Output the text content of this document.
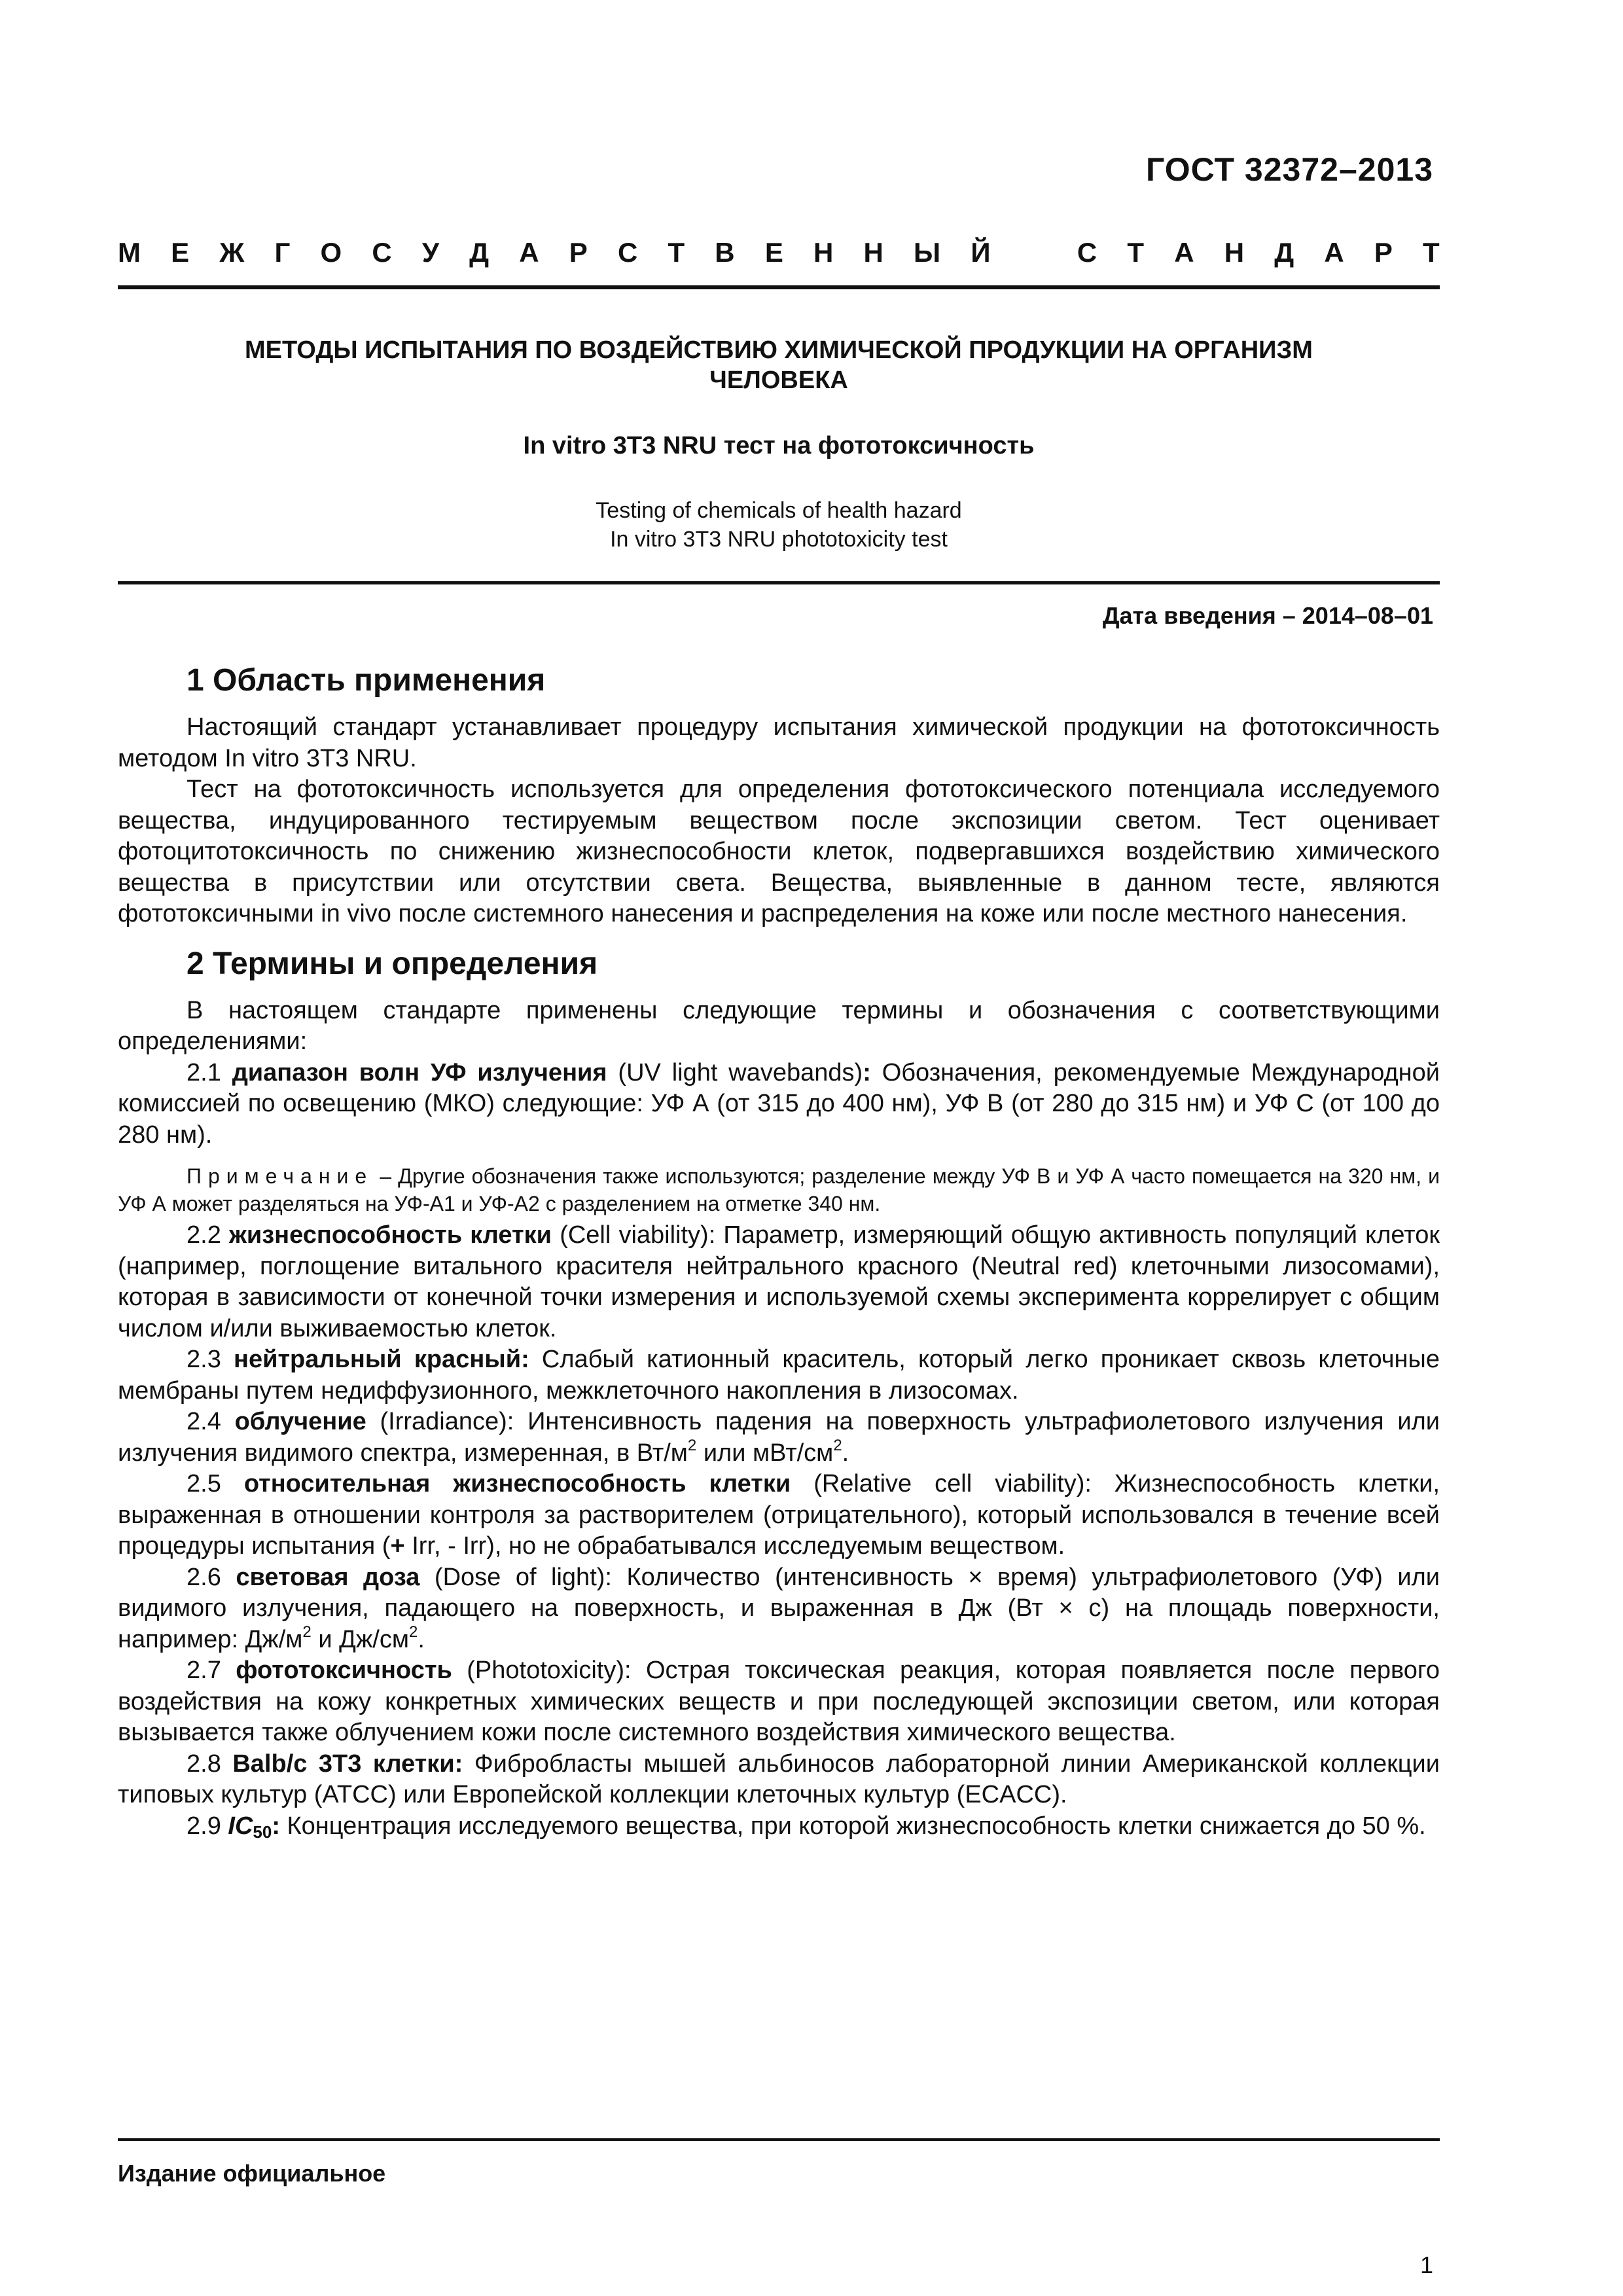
ГОСТ 32372–2013
М Е Ж Г О С У Д А Р С Т В Е Н Н Ы Й	С Т А Н Д А Р Т
МЕТОДЫ ИСПЫТАНИЯ ПО ВОЗДЕЙСТВИЮ ХИМИЧЕСКОЙ ПРОДУКЦИИ НА ОРГАНИЗМ
ЧЕЛОВЕКА
In vitro 3T3 NRU тест на фототоксичность
Testing of chemicals of health hazard
In vitro 3T3 NRU phototoxicity test
Дата введения – 2014–08–01
1 Область применения

Настоящий стандарт устанавливает процедуру испытания химической продукции на фототоксичность методом In vitro 3T3 NRU.

Тест на фототоксичность используется для определения фототоксического потенциала исследуемого вещества, индуцированного тестируемым веществом после экспозиции светом. Тест оценивает фотоцитотоксичность по снижению жизнеспособности клеток, подвергавшихся воздействию химического вещества в присутствии или отсутствии света. Вещества, выявленные в данном тесте, являются фототоксичными in vivo после системного нанесения и распределения на коже или после местного нанесения.

2 Термины и определения

В настоящем стандарте применены следующие термины и обозначения с соответствующими определениями:

2.1 диапазон волн УФ излучения (UV light wavebands): Обозначения, рекомендуемые Международной комиссией по освещению (МКО) следующие: УФ А (от 315 до 400 нм), УФ В (от 280 до 315 нм) и УФ С (от 100 до 280 нм).

Примечание – Другие обозначения также используются; разделение между УФ В и УФ А часто помещается на 320 нм, и УФ А может разделяться на УФ-А1 и УФ-А2 с разделением на отметке 340 нм.

2.2 жизнеспособность клетки (Cell viability): Параметр, измеряющий общую активность популяций клеток (например, поглощение витального красителя нейтрального красного (Neutral red) клеточными лизосомами), которая в зависимости от конечной точки измерения и используемой схемы эксперимента коррелирует с общим числом и/или выживаемостью клеток.

2.3 нейтральный красный: Слабый катионный краситель, который легко проникает сквозь клеточные мембраны путем недиффузионного, межклеточного накопления в лизосомах.

2.4 облучение (Irradiance): Интенсивность падения на поверхность ультрафиолетового излучения или излучения видимого спектра, измеренная, в $Вт/м^2$ или мВт/$см^2$.

2.5 относительная жизнеспособность клетки (Relative cell viability): Жизнеспособность клетки, выраженная в отношении контроля за растворителем (отрицательного), который использовался в течение всей процедуры испытания (+ Irr, - Irr), но не обрабатывался исследуемым веществом.

2.6 световая доза (Dose of light): Количество (интенсивность × время) ультрафиолетового (УФ) или видимого излучения, падающего на поверхность, и выраженная в Дж (Вт × с) на площадь поверхности, например: $Дж/м^2$ и $Дж/см^2$.

2.7 фототоксичность (Phototoxicity): Острая токсическая реакция, которая появляется после первого воздействия на кожу конкретных химических веществ и при последующей экспозиции светом, или которая вызывается также облучением кожи после системного воздействия химического вещества.

2.8 Balb/c 3T3 клетки: Фибробласты мышей альбиносов лабораторной линии Американской коллекции типовых культур (ATCC) или Европейской коллекции клеточных культур (ECACC).

2.9 $IC_{50}$: Концентрация исследуемого вещества, при которой жизнеспособность клетки снижается до 50 %.

Издание официальное
1
